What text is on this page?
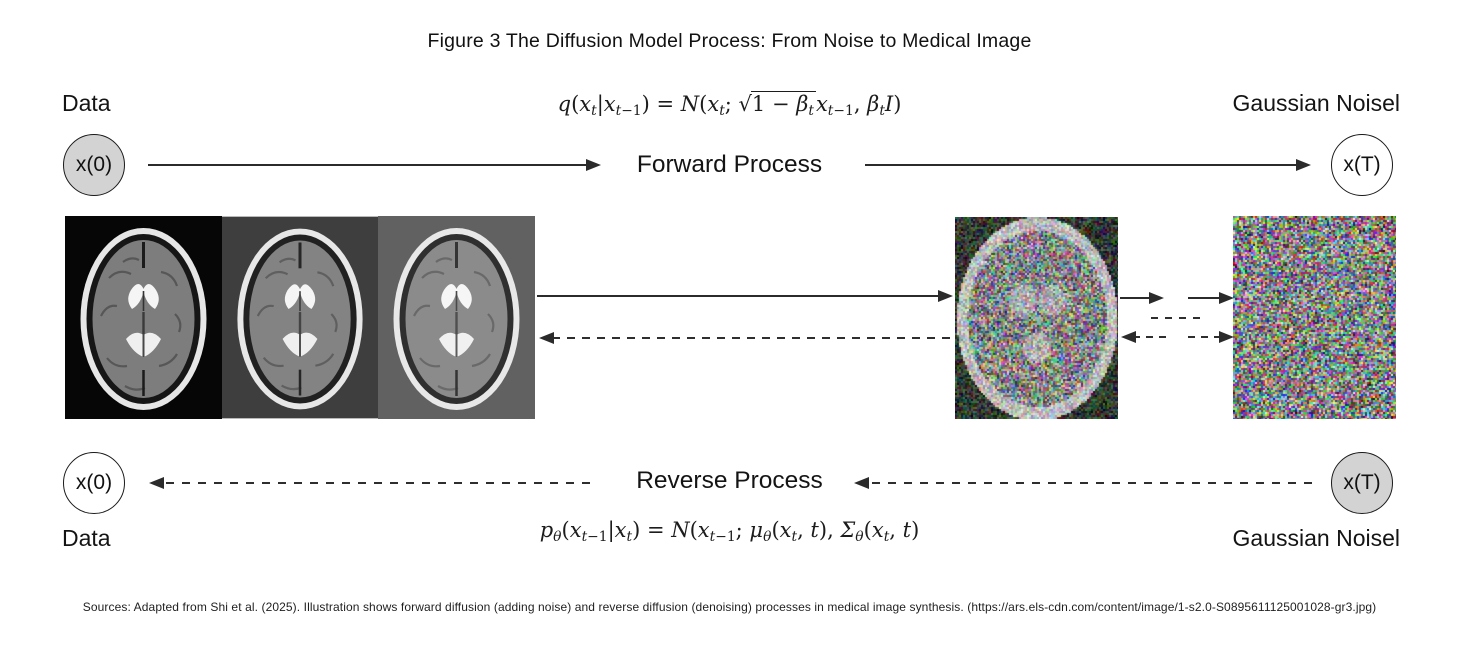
Figure 3 The Diffusion Model Process: From Noise to Medical Image
Data	Gaussian Noisel
$q(x_t|x_{t-1}) = N(x_t$; $√1 - \beta_tx_{t-1}$, $\beta_tI$)
Forward Process
x(0)	x(T)
x(0)	x(T)
Reverse Process
$p_\theta(x_{t-1}|x_t) = N(x_{t-1}$; $\mu_\theta(x_t$, t), $\Sigma_\theta(x_t$, t)
Data	Gaussian Noisel
Sources: Adapted from Shi et al. (2025). Illustration shows forward diffusion (adding noise) and reverse diffusion (denoising) processes in medical image synthesis. (https://ars.els-cdn.com/content/image/1-s2.0-S0895611125001028-gr3.jpg)
